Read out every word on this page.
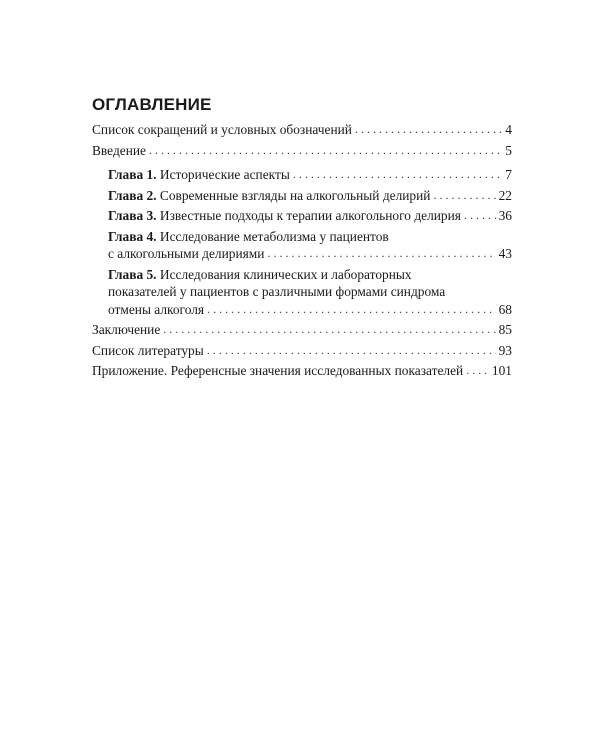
ОГЛАВЛЕНИЕ
Список сокращений и условных обозначений . . .	4
Введение . . .	5
Глава 1. Исторические аспекты . . .	7
Глава 2. Современные взгляды на алкогольный делирий . . .	22
Глава 3. Известные подходы к терапии алкогольного делирия . . .	36
Глава 4. Исследование метаболизма у пациентов
с алкогольными делириями . . .	43
Глава 5. Исследования клинических и лабораторных
показателей у пациентов с различными формами синдрома
отмены алкоголя . . .	68
Заключение . . .	85
Список литературы . . .	93
Приложение. Референсные значения исследованных показателей . . . 101
